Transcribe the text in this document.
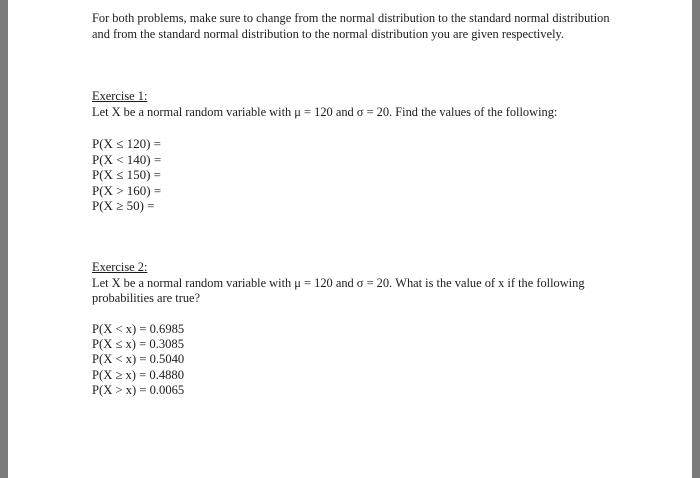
For both problems, make sure to change from the normal distribution to the standard normal distribution and from the standard normal distribution to the normal distribution you are given respectively.

Exercise 1:
Let X be a normal random variable with μ = 120 and σ = 20. Find the values of the following:
P(X ≤ 120) =
P(X < 140) =
P(X ≤ 150) =
P(X > 160) =
P(X ≥ 50) =
Exercise 2:
Let X be a normal random variable with μ = 120 and σ = 20. What is the value of x if the following probabilities are true?
P(X < x) = 0.6985
P(X ≤ x) = 0.3085
P(X < x) = 0.5040
P(X ≥ x) = 0.4880
P(X > x) = 0.0065
